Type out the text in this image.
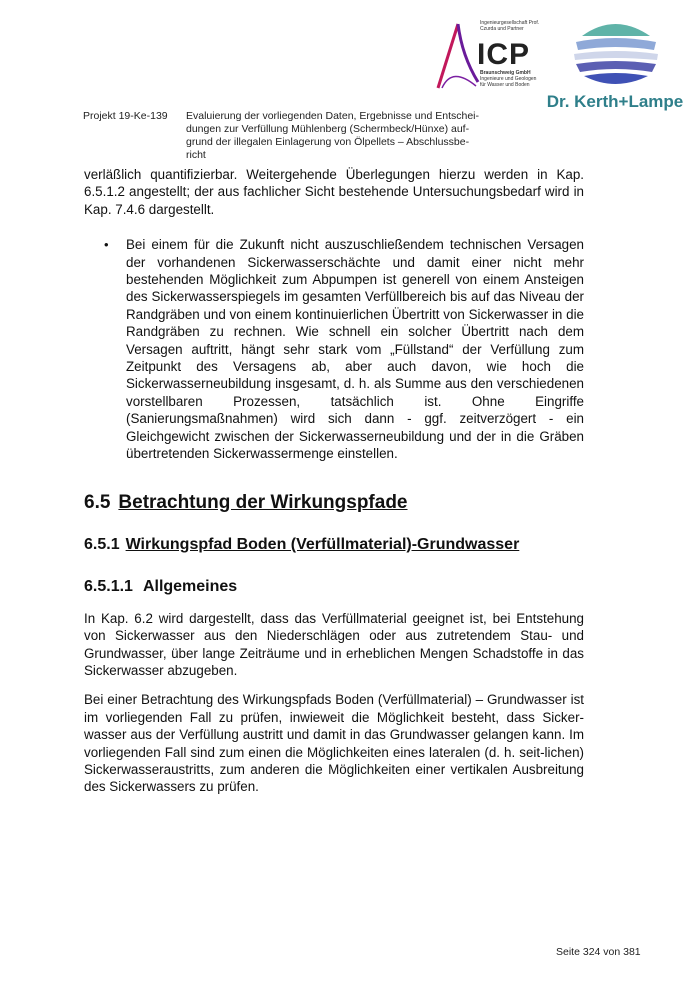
Ingenieurgesellschaft Prof. Czurda und Partner
ICP
Braunschweig GmbH
Ingenieure und Geologen für Wasser und Boden
Dr. Kerth+Lampe
Projekt 19-Ke-139 Evaluierung der vorliegenden Daten, Ergebnisse und Entschei-
dungen zur Verfüllung Mühlenberg (Schermbeck/Hünxe) auf-
grund der illegalen Einlagerung von Ölpellets – Abschlussbe-
richt

verläßlich quantifizierbar. Weitergehende Überlegungen hierzu werden in Kap. 6.5.1.2 angestellt; der aus fachlicher Sicht bestehende Untersuchungsbedarf wird in Kap. 7.4.6 dargestellt.

• Bei einem für die Zukunft nicht auszuschließendem technischen Versagen der vorhandenen Sickerwasserschächte und damit einer nicht mehr bestehenden Möglichkeit zum Abpumpen ist generell von einem Ansteigen des Sickerwasserspiegels im gesamten Verfüllbereich bis auf das Niveau der Randgräben und von einem kontinuierlichen Übertritt von Sickerwasser in die Randgräben zu rechnen. Wie schnell ein solcher Übertritt nach dem Versagen auftritt, hängt sehr stark vom „Füllstand“ der Verfüllung zum Zeitpunkt des Versagens ab, aber auch davon, wie hoch die Sickerwasserneubildung insgesamt, d. h. als Summe aus den verschiedenen vorstellbaren Prozessen, tatsächlich ist. Ohne Eingriffe (Sanierungsmaßnahmen) wird sich dann - ggf. zeitverzögert - ein Gleichgewicht zwischen der Sickerwasserneubildung und der in die Gräben übertretenden Sickerwassermenge einstellen.

6.5 Betrachtung der Wirkungspfade
6.5.1 Wirkungspfad Boden (Verfüllmaterial)-Grundwasser
6.5.1.1 Allgemeines

In Kap. 6.2 wird dargestellt, dass das Verfüllmaterial geeignet ist, bei Entstehung von Sickerwasser aus den Niederschlägen oder aus zutretendem Stau- und Grundwasser, über lange Zeiträume und in erheblichen Mengen Schadstoffe in das Sickerwasser abzugeben.

Bei einer Betrachtung des Wirkungspfads Boden (Verfüllmaterial) – Grundwasser ist im vorliegenden Fall zu prüfen, inwieweit die Möglichkeit besteht, dass Sicker-wasser aus der Verfüllung austritt und damit in das Grundwasser gelangen kann. Im vorliegenden Fall sind zum einen die Möglichkeiten eines lateralen (d. h. seit-lichen) Sickerwasseraustritts, zum anderen die Möglichkeiten einer vertikalen Ausbreitung des Sickerwassers zu prüfen.

Seite 324 von 381
